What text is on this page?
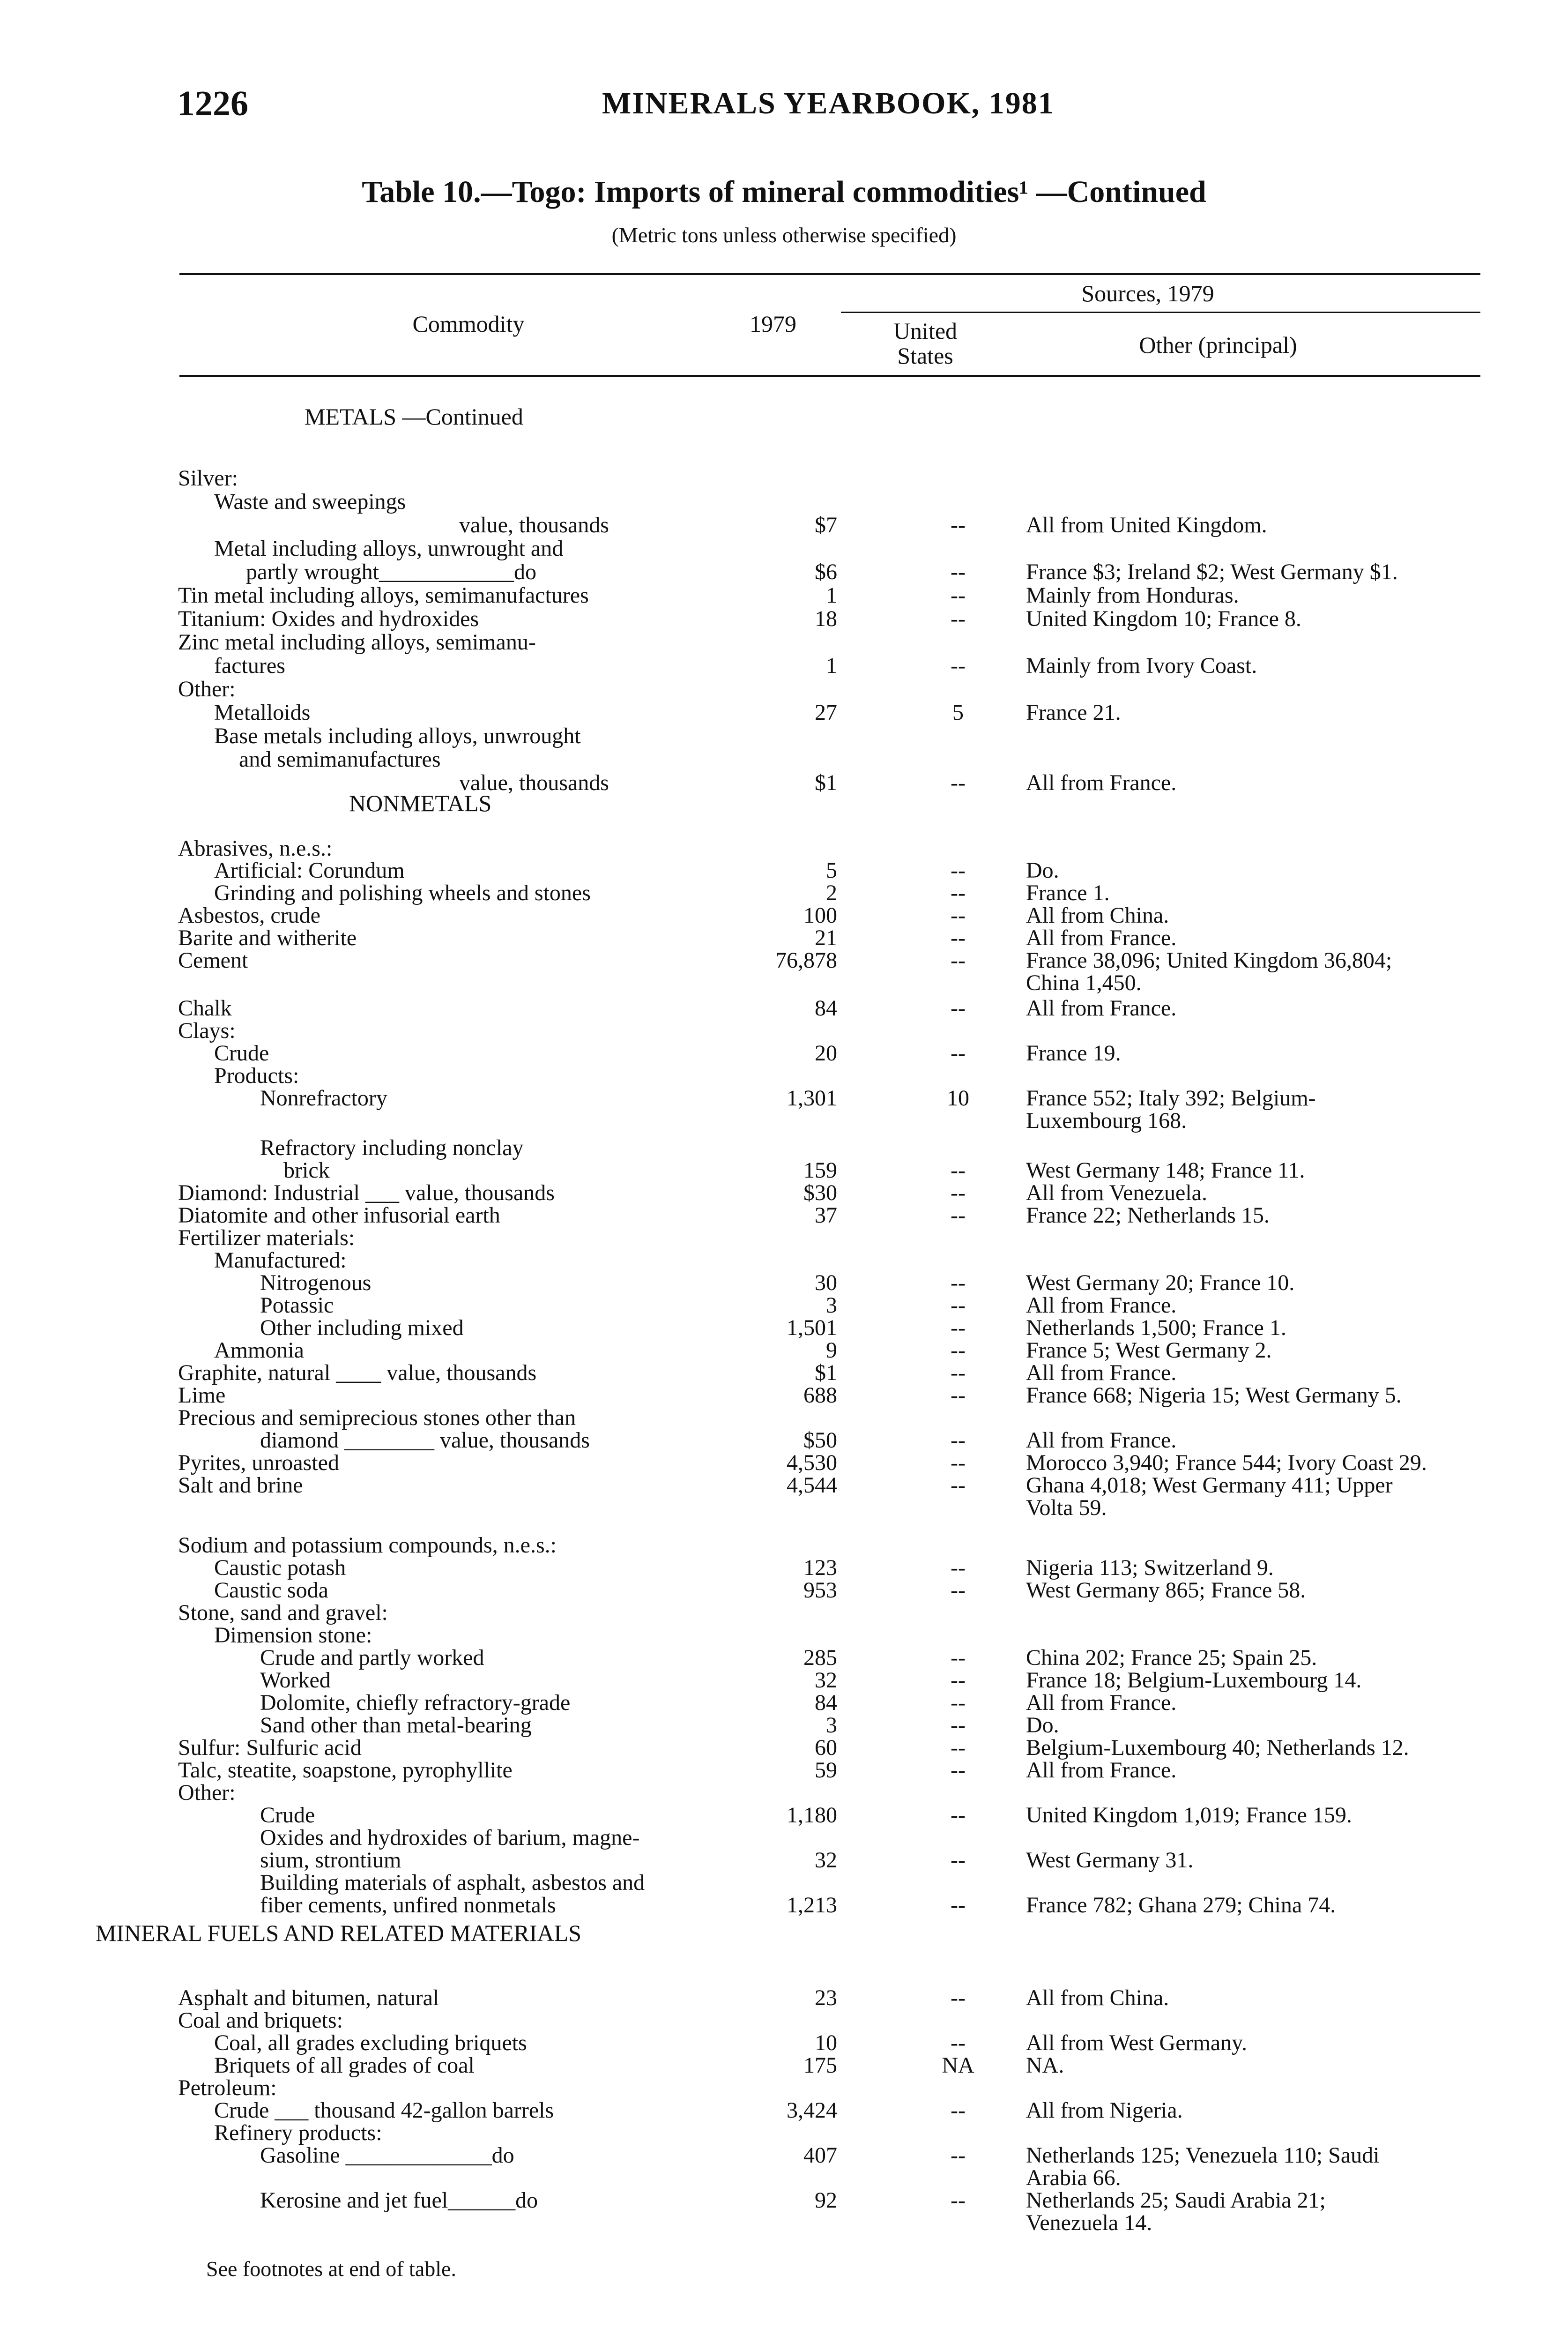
1226	MINERALS YEARBOOK, 1981
Table 10.—Togo: Imports of mineral commodities¹ —Continued
(Metric tons unless otherwise specified)
Commodity	1979
Sources, 1979
United States	Other (principal)
METALS —Continued
NONMETALS
MINERAL FUELS AND RELATED MATERIALS
Silver:
Waste and sweepings
value, thousands	$7	--	All from United Kingdom.
Metal including alloys, unwrought and
partly wrought____________do	$6	--	France $3; Ireland $2; West Germany $1.
Tin metal including alloys, semimanufactures	1	--	Mainly from Honduras.
Titanium: Oxides and hydroxides	18	--	United Kingdom 10; France 8.
Zinc metal including alloys, semimanu-
factures	1	--	Mainly from Ivory Coast.
Other:
Metalloids	27	5	France 21.
Base metals including alloys, unwrought
and semimanufactures
value, thousands	$1	--	All from France.
Abrasives, n.e.s.:
Artificial: Corundum	5	--	Do.
Grinding and polishing wheels and stones	2	--	France 1.
Asbestos, crude	100	--	All from China.
Barite and witherite	21	--	All from France.
Cement	76,878	--	France 38,096; United Kingdom 36,804;
China 1,450.
Chalk	84	--	All from France.
Clays:
Crude	20	--	France 19.
Products:
Nonrefractory	1,301	10	France 552; Italy 392; Belgium-
Luxembourg 168.
Refractory including nonclay
brick	159	--	West Germany 148; France 11.
Diamond: Industrial ___ value, thousands	$30	--	All from Venezuela.
Diatomite and other infusorial earth	37	--	France 22; Netherlands 15.
Fertilizer materials:
Manufactured:
Nitrogenous	30	--	West Germany 20; France 10.
Potassic	3	--	All from France.
Other including mixed	1,501	--	Netherlands 1,500; France 1.
Ammonia	9	--	France 5; West Germany 2.
Graphite, natural ____ value, thousands	$1	--	All from France.
Lime	688	--	France 668; Nigeria 15; West Germany 5.
Precious and semiprecious stones other than
diamond ________ value, thousands	$50	--	All from France.
Pyrites, unroasted	4,530	--	Morocco 3,940; France 544; Ivory Coast 29.
Salt and brine	4,544	--	Ghana 4,018; West Germany 411; Upper
Volta 59.
Sodium and potassium compounds, n.e.s.:
Caustic potash	123	--	Nigeria 113; Switzerland 9.
Caustic soda	953	--	West Germany 865; France 58.
Stone, sand and gravel:
Dimension stone:
Crude and partly worked	285	--	China 202; France 25; Spain 25.
Worked	32	--	France 18; Belgium-Luxembourg 14.
Dolomite, chiefly refractory-grade	84	--	All from France.
Sand other than metal-bearing	3	--	Do.
Sulfur: Sulfuric acid	60	--	Belgium-Luxembourg 40; Netherlands 12.
Talc, steatite, soapstone, pyrophyllite	59	--	All from France.
Other:
Crude	1,180	--	United Kingdom 1,019; France 159.
Oxides and hydroxides of barium, magne-
sium, strontium	32	--	West Germany 31.
Building materials of asphalt, asbestos and
fiber cements, unfired nonmetals	1,213	--	France 782; Ghana 279; China 74.
Asphalt and bitumen, natural	23	--	All from China.
Coal and briquets:
Coal, all grades excluding briquets	10	--	All from West Germany.
Briquets of all grades of coal	175	NA	NA.
Petroleum:
Crude ___ thousand 42-gallon barrels	3,424	--	All from Nigeria.
Refinery products:
Gasoline _____________do	407	--	Netherlands 125; Venezuela 110; Saudi
Arabia 66.
Kerosine and jet fuel______do	92	--	Netherlands 25; Saudi Arabia 21;
Venezuela 14.
See footnotes at end of table.
